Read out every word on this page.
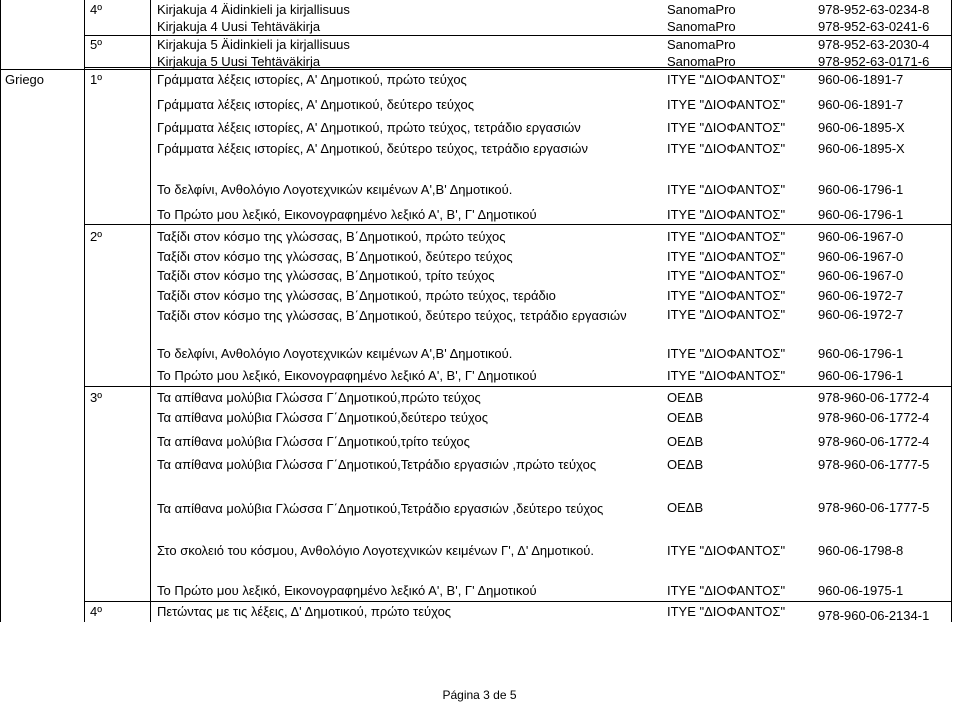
4º	Kirjakuja 4 Äidinkieli ja kirjallisuus	SanomaPro	978-952-63-0234-8
Kirjakuja 4 Uusi Tehtäväkirja	SanomaPro	978-952-63-0241-6
5º	Kirjakuja 5 Äidinkieli ja kirjallisuus	SanomaPro	978-952-63-2030-4
Kirjakuja 5 Uusi Tehtäväkirja	SanomaPro	978-952-63-0171-6
Griego	1º	Γράμματα λέξεις ιστορίες, Α' Δημοτικού, πρώτο τεύχος	ΙΤΥΕ "ΔΙΟΦΑΝΤΟΣ"	960-06-1891-7
Γράμματα λέξεις ιστορίες, Α' Δημοτικού, δεύτερο τεύχος	ΙΤΥΕ "ΔΙΟΦΑΝΤΟΣ"	960-06-1891-7
Γράμματα λέξεις ιστορίες, Α' Δημοτικού, πρώτο τεύχος, τετράδιο εργασιών	ΙΤΥΕ "ΔΙΟΦΑΝΤΟΣ"	960-06-1895-X
Γράμματα λέξεις ιστορίες, Α' Δημοτικού, δεύτερο τεύχος, τετράδιο εργασιών	ΙΤΥΕ "ΔΙΟΦΑΝΤΟΣ"	960-06-1895-X
Το δελφίνι, Ανθολόγιο Λογοτεχνικών κειμένων Α',Β' Δημοτικού.	ΙΤΥΕ "ΔΙΟΦΑΝΤΟΣ"	960-06-1796-1
Το Πρώτο μου λεξικό, Εικονογραφημένο λεξικό Α', Β', Γ' Δημοτικού	ΙΤΥΕ "ΔΙΟΦΑΝΤΟΣ"	960-06-1796-1
2º	Ταξίδι στον κόσμο της γλώσσας, Β΄Δημοτικού, πρώτο τεύχος	ΙΤΥΕ "ΔΙΟΦΑΝΤΟΣ"	960-06-1967-0
Ταξίδι στον κόσμο της γλώσσας, Β΄Δημοτικού, δεύτερο τεύχος	ΙΤΥΕ "ΔΙΟΦΑΝΤΟΣ"	960-06-1967-0
Ταξίδι στον κόσμο της γλώσσας, Β΄Δημοτικού, τρίτο τεύχος	ΙΤΥΕ "ΔΙΟΦΑΝΤΟΣ"	960-06-1967-0
Ταξίδι στον κόσμο της γλώσσας, Β΄Δημοτικού, πρώτο τεύχος, τεράδιο	ΙΤΥΕ "ΔΙΟΦΑΝΤΟΣ"	960-06-1972-7
Ταξίδι στον κόσμο της γλώσσας, Β΄Δημοτικού, δεύτερο τεύχος, τετράδιο εργασιών	ΙΤΥΕ "ΔΙΟΦΑΝΤΟΣ"	960-06-1972-7
Το δελφίνι, Ανθολόγιο Λογοτεχνικών κειμένων Α',Β' Δημοτικού.	ΙΤΥΕ "ΔΙΟΦΑΝΤΟΣ"	960-06-1796-1
Το Πρώτο μου λεξικό, Εικονογραφημένο λεξικό Α', Β', Γ' Δημοτικού	ΙΤΥΕ "ΔΙΟΦΑΝΤΟΣ"	960-06-1796-1
3º	Τα απίθανα μολύβια Γλώσσα Γ΄Δημοτικού,πρώτο τεύχος	ΟΕΔΒ	978-960-06-1772-4
Τα απίθανα μολύβια Γλώσσα Γ΄Δημοτικού,δεύτερο τεύχος	ΟΕΔΒ	978-960-06-1772-4
Τα απίθανα μολύβια Γλώσσα Γ΄Δημοτικού,τρίτο τεύχος	ΟΕΔΒ	978-960-06-1772-4
Τα απίθανα μολύβια Γλώσσα Γ΄Δημοτικού,Τετράδιο εργασιών ,πρώτο τεύχος	ΟΕΔΒ	978-960-06-1777-5
Τα απίθανα μολύβια Γλώσσα Γ΄Δημοτικού,Τετράδιο εργασιών ,δεύτερο τεύχος	ΟΕΔΒ	978-960-06-1777-5
Στο σκολειό του κόσμου, Ανθολόγιο Λογοτεχνικών κειμένων Γ', Δ' Δημοτικού.	ΙΤΥΕ "ΔΙΟΦΑΝΤΟΣ"	960-06-1798-8
Το Πρώτο μου λεξικό, Εικονογραφημένο λεξικό Α', Β', Γ' Δημοτικού	ΙΤΥΕ "ΔΙΟΦΑΝΤΟΣ"	960-06-1975-1
4º	Πετώντας με τις λέξεις, Δ' Δημοτικού, πρώτο τεύχος	ΙΤΥΕ "ΔΙΟΦΑΝΤΟΣ"	978-960-06-2134-1
Página 3 de 5
